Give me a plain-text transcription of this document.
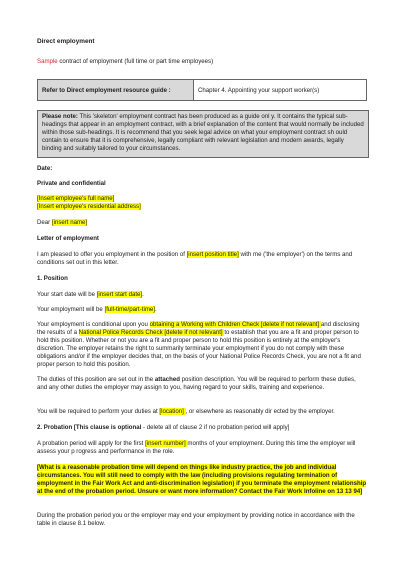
Direct employment
Sample contract of employment (full time or part time employees)
Refer to Direct employment resource guide :	Chapter 4. Appointing your support worker(s)
Please note: This 'skeleton' employment contract has been produced as a guide onl y. It contains the typical sub-headings that appear in an employment contract, with a brief explanation of the content that would normally be included within those sub-headings. It is recommend that you seek legal advice on what your employment contract sh ould contain to ensure that it is comprehensive, legally compliant with relevant legislation and modern awards, legally binding and suitably tailored to your circumstances.
Date:
Private and confidential
[Insert employee's full name]
[Insert employee's residential address]
Dear [insert name]
Letter of employment
I am pleased to offer you employment in the position of [insert position title] with me ('the employer') on the terms and conditions set out in this letter.
1. Position
Your start date will be [insert start date].
Your employment will be [full-time/part-time].
Your employment is conditional upon you obtaining a Working with Children Check [delete if not relevant] and disclosing the results of a National Police Records Check [delete if not relevant] to establish that you are a fit and proper person to hold this position. Whether or not you are a fit and proper person to hold this position is entirely at the employer's discretion. The employer retains the right to summarily terminate your employment if you do not comply with these obligations and/or if the employer decides that, on the basis of your National Police Records Check, you are not a fit and proper person to hold this position.
The duties of this position are set out in the attached position description. You will be required to perform these duties, and any other duties the employer may assign to you, having regard to your skills, training and experience.
You will be required to perform your duties at [location] , or elsewhere as reasonably dir ected by the employer.
2. Probation [This clause is optional - delete all of clause 2 if no probation period will apply]
A probation period will apply for the first [insert number] months of your employment. During this time the employer will assess your p rogress and performance in the role.
[What is a reasonable probation time will depend on things like industry practice, the job and individual circumstances. You will still need to comply with the law (including provisions regulating termination of employment in the Fair Work Act and anti-discrimination legislation) if you terminate the employment relationship at the end of the probation period. Unsure or want more information? Contact the Fair Work Infoline on 13 13 94]
During the probation period you or the employer may end your employment by providing notice in accordance with the table in clause 8.1 below.
